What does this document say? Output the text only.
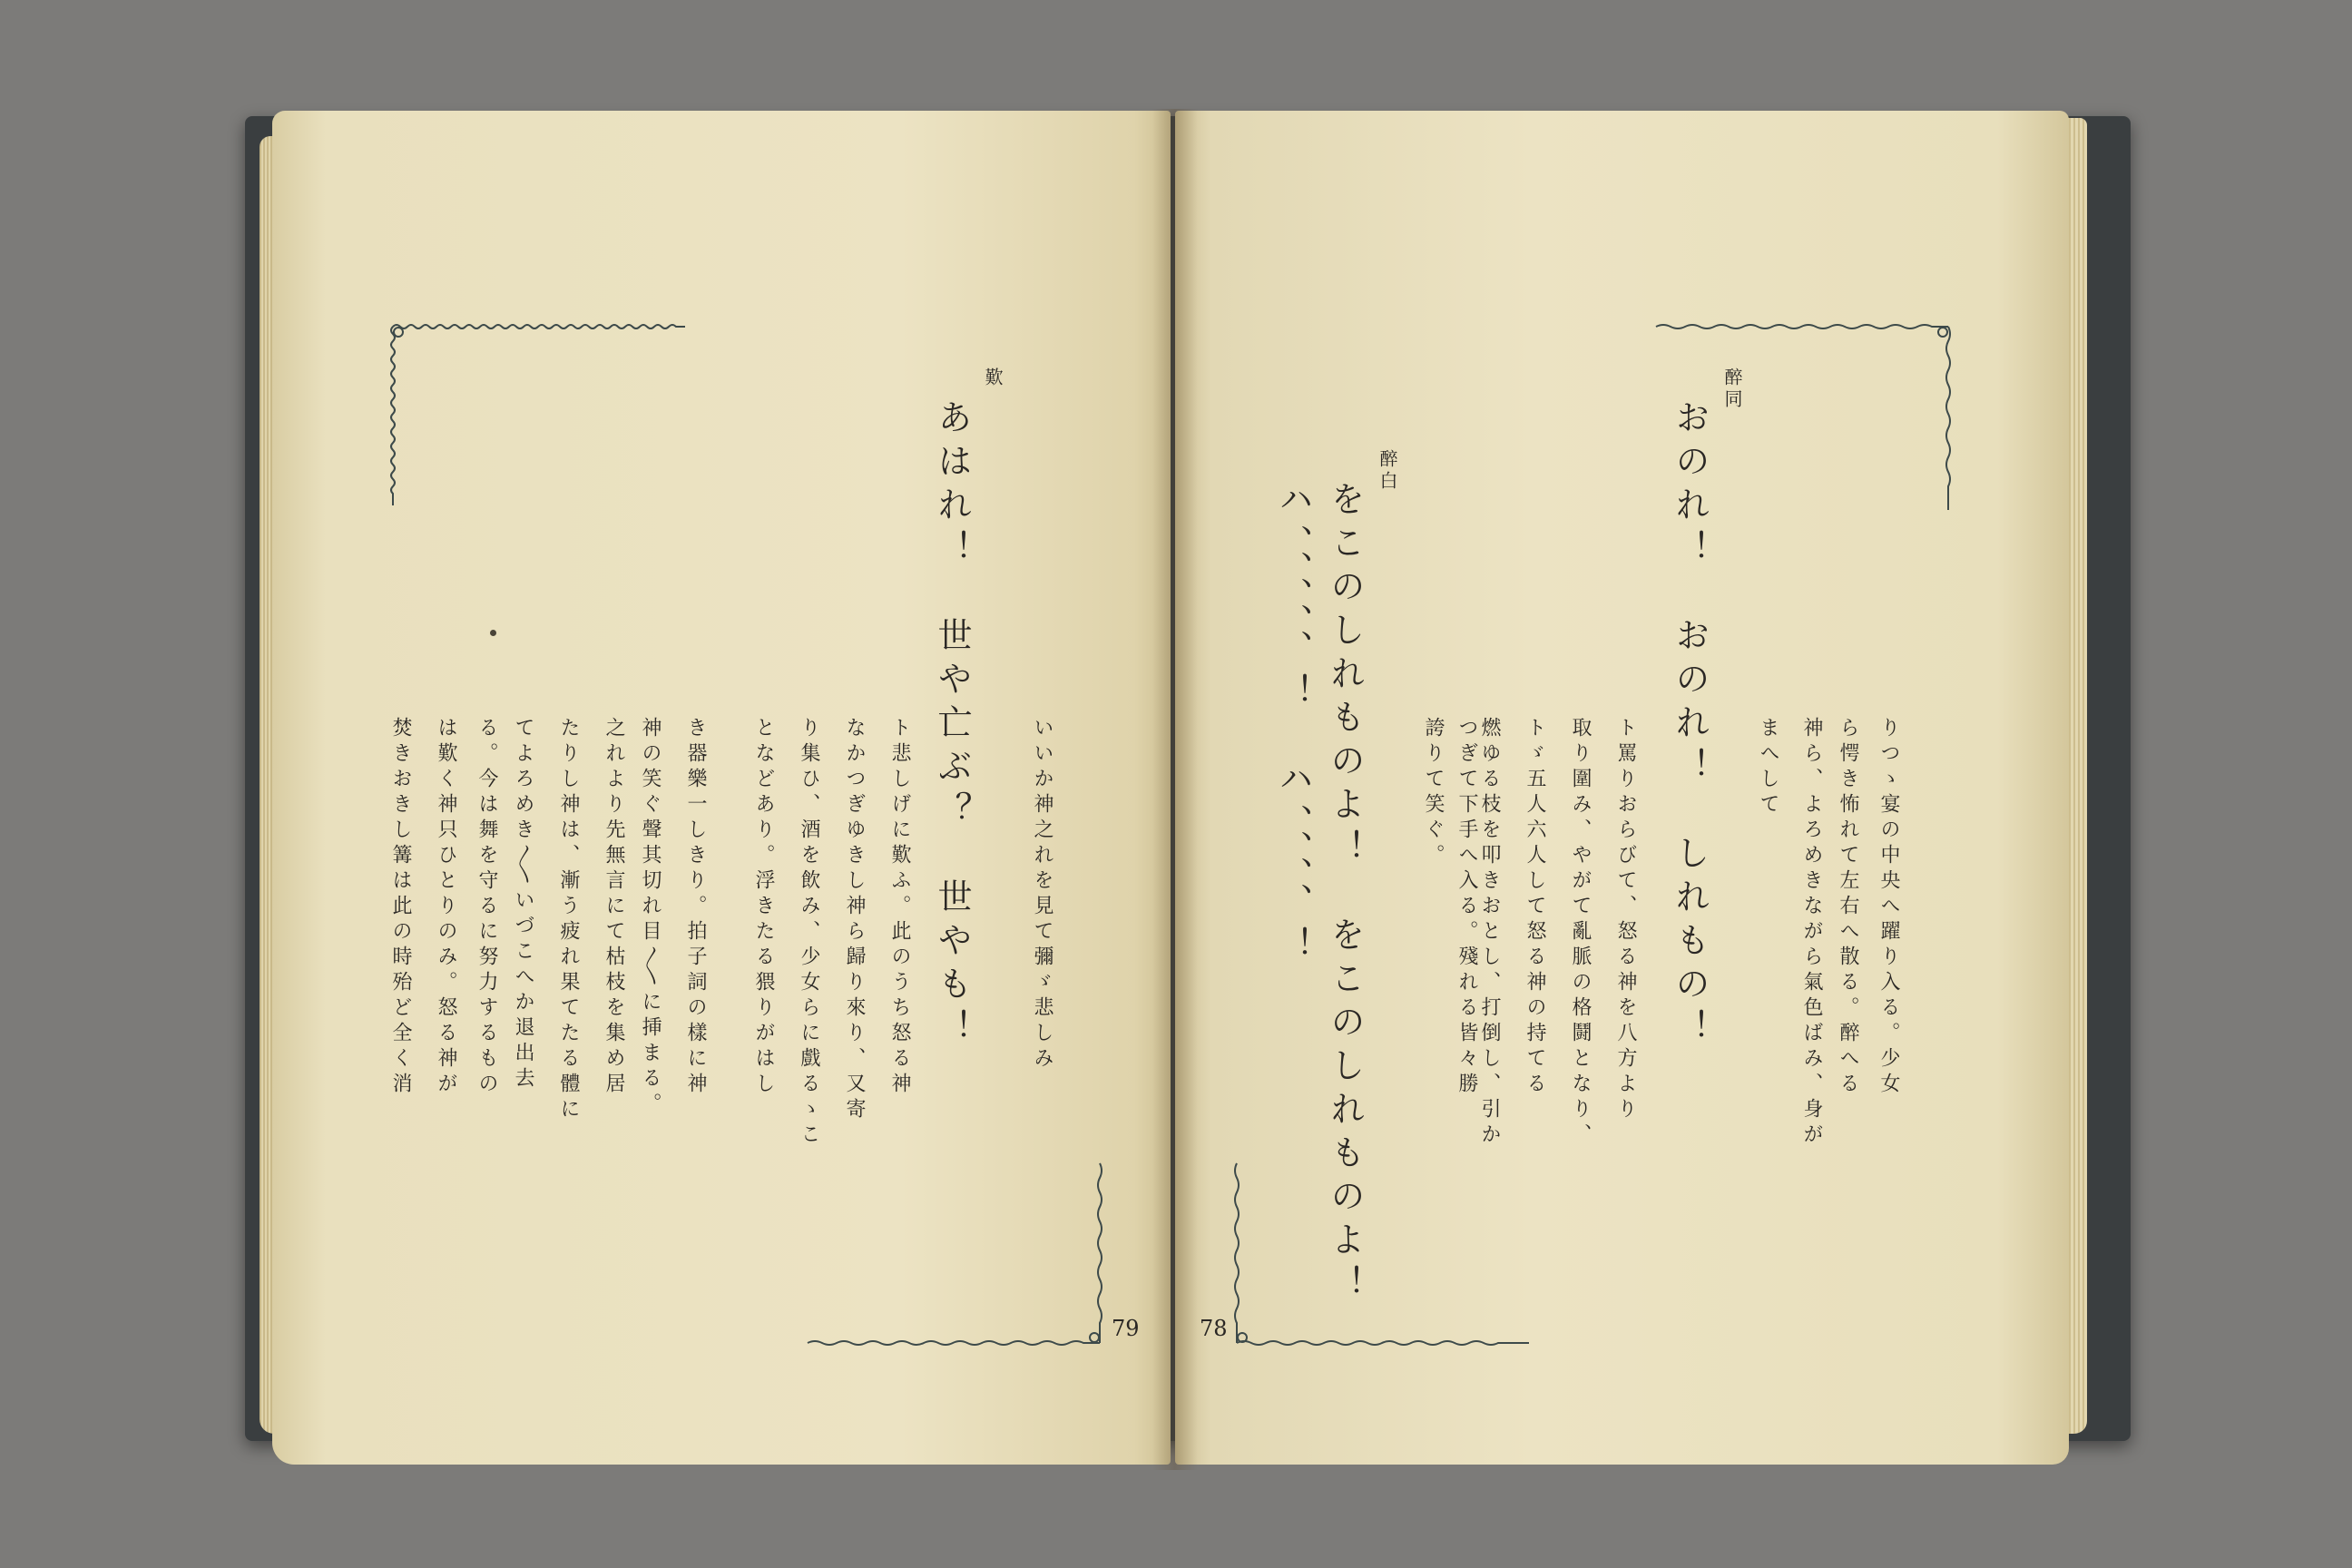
歎
あはれ！　世や亡ぶ？　世やも！	いいか神之れを見て彌ゞ悲しみ
ト悲しげに歎ふ。此のうち怒る神
なかつぎゆきし神ら歸り來り、又寄
り集ひ、酒を飲み、少女らに戲るゝこ
となどあり。浮きたる猥りがはし
き器樂一しきり。拍子詞の樣に神
神の笑ぐ聲其切れ目〳〵に挿まる。
之れより先無言にて枯枝を集め居
たりし神は、漸う疲れ果てたる體に
てよろめき〳〵いづこへか退出去
る。今は舞を守るに努力するもの
は歎く神只ひとりのみ。怒る神が
焚きおきし篝は此の時殆ど全く消
79
りつゝ宴の中央へ躍り入る。少女
ら愕き怖れて左右へ散る。醉へる
神ら、よろめきながら氣色ばみ、身が
まへして
醉同
おのれ！　おのれ！　しれもの！
ト罵りおらびて、怒る神を八方より
取り圍み、やがて亂脈の格鬪となり、
トゞ五人六人して怒る神の持てる
燃ゆる枝を叩きおとし、打倒し、引か
つぎて下手へ入る。殘れる皆々勝
誇りて笑ぐ。
醉白
をこのしれものよ！　をこのしれものよ！
ハ、、、、、！　ハ、、、、！
78
